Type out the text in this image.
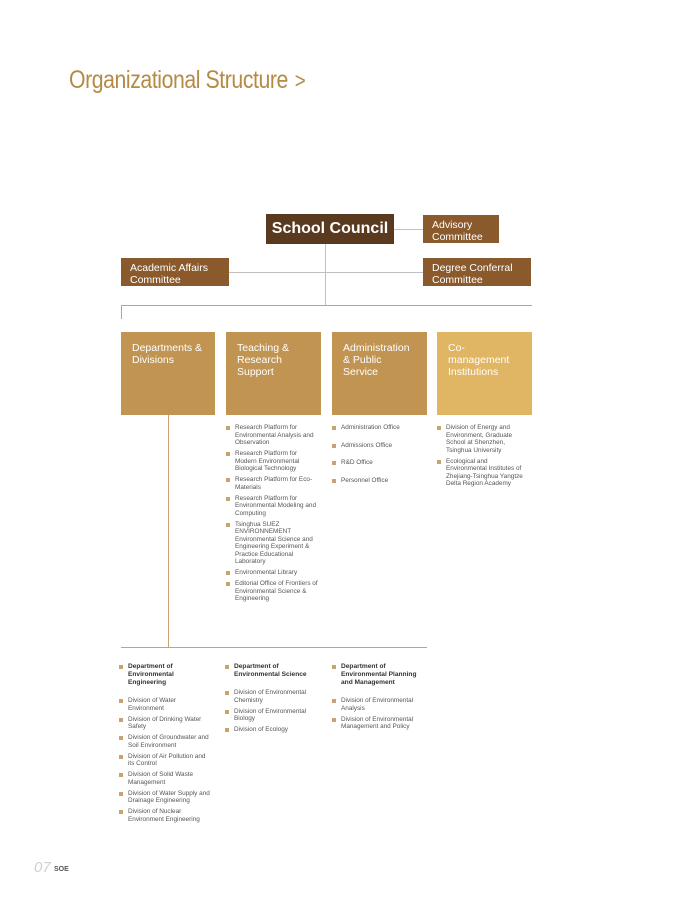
Organizational Structure >
School Council	Advisory Committee
Academic Affairs Committee
Degree Conferral Committee
Departments & Divisions
Teaching & Research Support
Administration & Public Service
Co-management Institutions
Research Platform for Environmental Analysis and Observation
Research Platform for Modern Environmental Biological Technology
Research Platform for Eco-Materials
Research Platform for Environmental Modeling and Computing
Tsinghua SUEZ ENVIRONNEMENT Environmental Science and Engineering Experiment & Practice Educational Laboratory
Environmental Library
Editorial Office of Frontiers of Environmental Science & Engineering
Administration Office
Admissions Office
R&D Office
Personnel Office
Division of Energy and Environment, Graduate School at Shenzhen, Tsinghua University
Ecological and Environmental Institutes of Zhejiang-Tsinghua Yangtze Delta Region Academy
Department of Environmental Engineering
Division of Water Environment
Division of Drinking Water Safety
Division of Groundwater and Soil Environment
Division of Air Pollution and its Control
Division of Solid Waste Management
Division of Water Supply and Drainage Engineering
Division of Nuclear Environment Engineering
Department of Environmental Science
Division of Environmental Chemistry
Division of Environmental Biology
Division of Ecology
Department of Environmental Planning and Management
Division of Environmental Analysis
Division of Environmental Management and Policy
07 SOE
